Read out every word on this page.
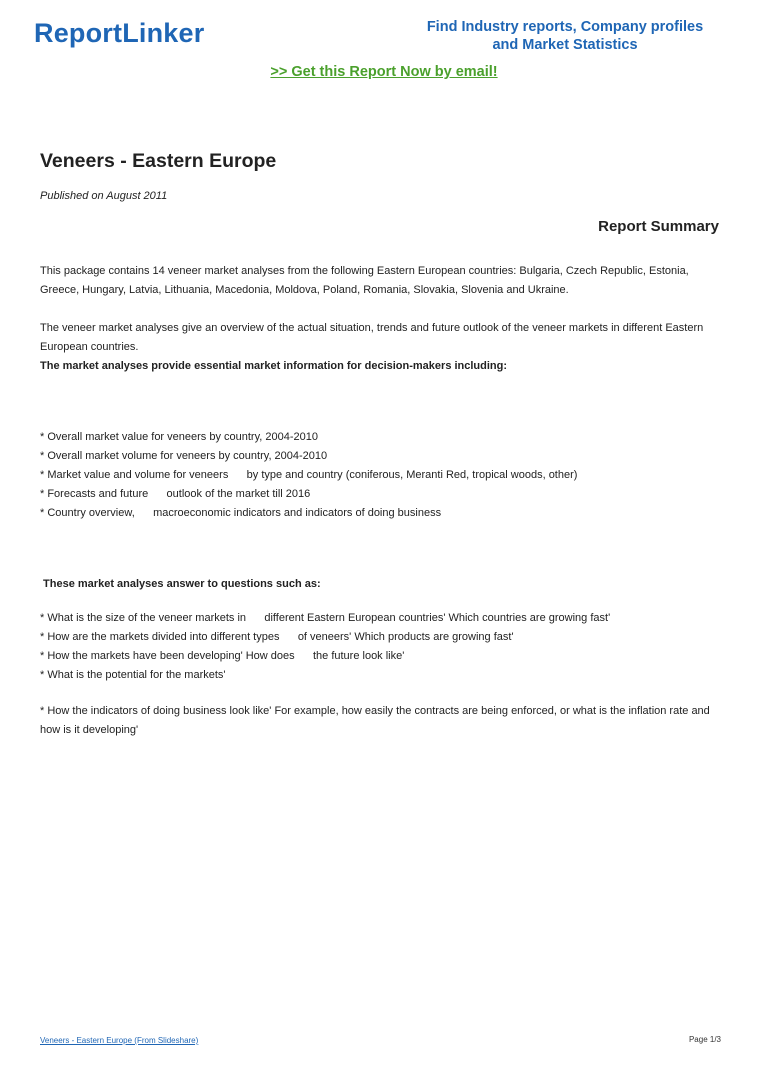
ReportLinker	Find Industry reports, Company profiles
and Market Statistics
>> Get this Report Now by email!
Veneers - Eastern Europe
Published on August 2011
Report Summary
This package contains 14 veneer market analyses from the following Eastern European countries: Bulgaria, Czech Republic, Estonia, Greece, Hungary, Latvia, Lithuania, Macedonia, Moldova, Poland, Romania, Slovakia, Slovenia and Ukraine.
The veneer market analyses give an overview of the actual situation, trends and future outlook of the veneer markets in different Eastern European countries.
The market analyses provide essential market information for decision-makers including:
* Overall market value for veneers by country, 2004-2010
* Overall market volume for veneers by country, 2004-2010
* Market value and volume for veneers      by type and country (coniferous, Meranti Red, tropical woods, other)
* Forecasts and future      outlook of the market till 2016
* Country overview,      macroeconomic indicators and indicators of doing business
These market analyses answer to questions such as:
* What is the size of the veneer markets in      different Eastern European countries' Which countries are growing fast'
* How are the markets divided into different types      of veneers' Which products are growing fast'
* How the markets have been developing' How does      the future look like'
* What is the potential for the markets'
* How the indicators of doing business look like' For example, how easily the contracts are being enforced, or what is the inflation rate and how is it developing'
Veneers - Eastern Europe (From Slideshare)	Page 1/3
